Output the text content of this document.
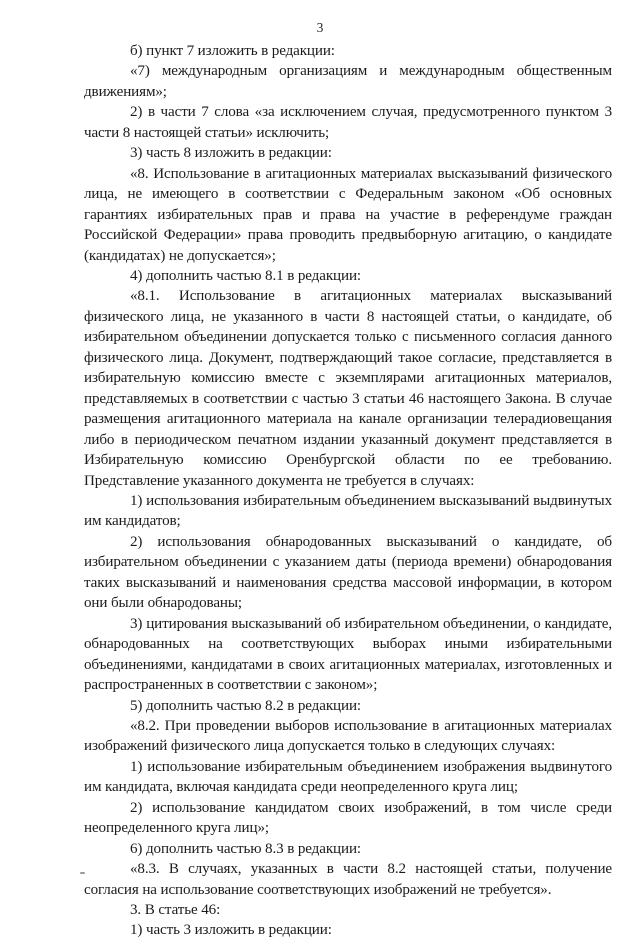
3

б) пункт 7 изложить в редакции:

«7) международным организациям и международным общественным движениям»;

2) в части 7 слова «за исключением случая, предусмотренного пунктом 3 части 8 настоящей статьи» исключить;

3) часть 8 изложить в редакции:

«8. Использование в агитационных материалах высказываний физического лица, не имеющего в соответствии с Федеральным законом «Об основных гарантиях избирательных прав и права на участие в референдуме граждан Российской Федерации» права проводить предвыборную агитацию, о кандидате (кандидатах) не допускается»;

4) дополнить частью 8.1 в редакции:

«8.1. Использование в агитационных материалах высказываний физического лица, не указанного в части 8 настоящей статьи, о кандидате, об избирательном объединении допускается только с письменного согласия данного физического лица. Документ, подтверждающий такое согласие, представляется в избирательную комиссию вместе с экземплярами агитационных материалов, представляемых в соответствии с частью 3 статьи 46 настоящего Закона. В случае размещения агитационного материала на канале организации телерадиовещания либо в периодическом печатном издании указанный документ представляется в Избирательную комиссию Оренбургской области по ее требованию. Представление указанного документа не требуется в случаях:

1) использования избирательным объединением высказываний выдвинутых им кандидатов;

2) использования обнародованных высказываний о кандидате, об избирательном объединении с указанием даты (периода времени) обнародования таких высказываний и наименования средства массовой информации, в котором они были обнародованы;

3) цитирования высказываний об избирательном объединении, о кандидате, обнародованных на соответствующих выборах иными избирательными объединениями, кандидатами в своих агитационных материалах, изготовленных и распространенных в соответствии с законом»;

5) дополнить частью 8.2 в редакции:

«8.2. При проведении выборов использование в агитационных материалах изображений физического лица допускается только в следующих случаях:

1) использование избирательным объединением изображения выдвинутого им кандидата, включая кандидата среди неопределенного круга лиц;

2) использование кандидатом своих изображений, в том числе среди неопределенного круга лиц»;

6) дополнить частью 8.3 в редакции:

«8.3. В случаях, указанных в части 8.2 настоящей статьи, получение согласия на использование соответствующих изображений не требуется».

3. В статье 46:

1) часть 3 изложить в редакции:
